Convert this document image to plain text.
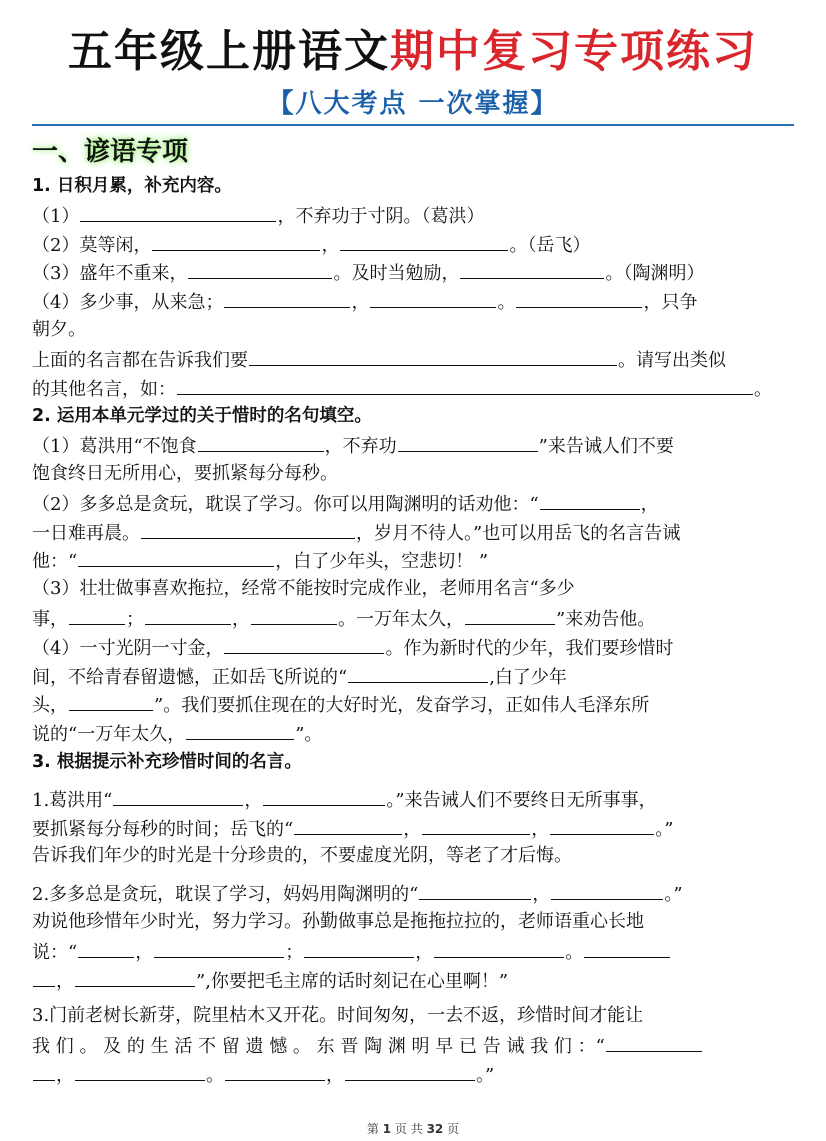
五年级上册语文期中复习专项练习
【八大考点 一次掌握】
一、谚语专项
1. 日积月累，补充内容。
（1）	，不弃功于寸阴。（葛洪）
（2）莫等闲，	，	。（岳飞）
（3）盛年不重来，	。及时当勉励，	。（陶渊明）
（4）多少事，从来急；	，	。	，只争
朝夕。
上面的名言都在告诉我们要	。请写出类似
的其他名言，如：	。
2. 运用本单元学过的关于惜时的名句填空。
（1）葛洪用“不饱食	，不弃功	”来告诫人们不要
饱食终日无所用心，要抓紧每分每秒。
（2）多多总是贪玩，耽误了学习。你可以用陶渊明的话劝他：“	，
一日难再晨。	，岁月不待人。”也可以用岳飞的名言告诫
他：“	，白了少年头，空悲切！ ”
（3）壮壮做事喜欢拖拉，经常不能按时完成作业，老师用名言“多少
事，	；	，	。一万年太久，	”来劝告他。
（4）一寸光阴一寸金，	。作为新时代的少年，我们要珍惜时
间，不给青春留遗憾，正如岳飞所说的“	,白了少年
头，	”。我们要抓住现在的大好时光，发奋学习，正如伟人毛泽东所
说的“一万年太久，	”。
3. 根据提示补充珍惜时间的名言。
1.葛洪用“	，	。”来告诫人们不要终日无所事事，
要抓紧每分每秒的时间；岳飞的“	，	，	。”
告诉我们年少的时光是十分珍贵的，不要虚度光阴，等老了才后悔。
2.多多总是贪玩，耽误了学习，妈妈用陶渊明的“	，	。”
劝说他珍惜年少时光，努力学习。孙勤做事总是拖拖拉拉的，老师语重心长地
说：“	，	；	，	。
，	”,你要把毛主席的话时刻记在心里啊！”
3.门前老树长新芽，院里枯木又开花。时间匆匆，一去不返，珍惜时间才能让
我 们 。 及 的 生 活 不 留 遗 憾 。 东 晋 陶 渊 明 早 已 告 诫 我 们 ：“
，	。	，	。”
第 1 页 共 32 页
